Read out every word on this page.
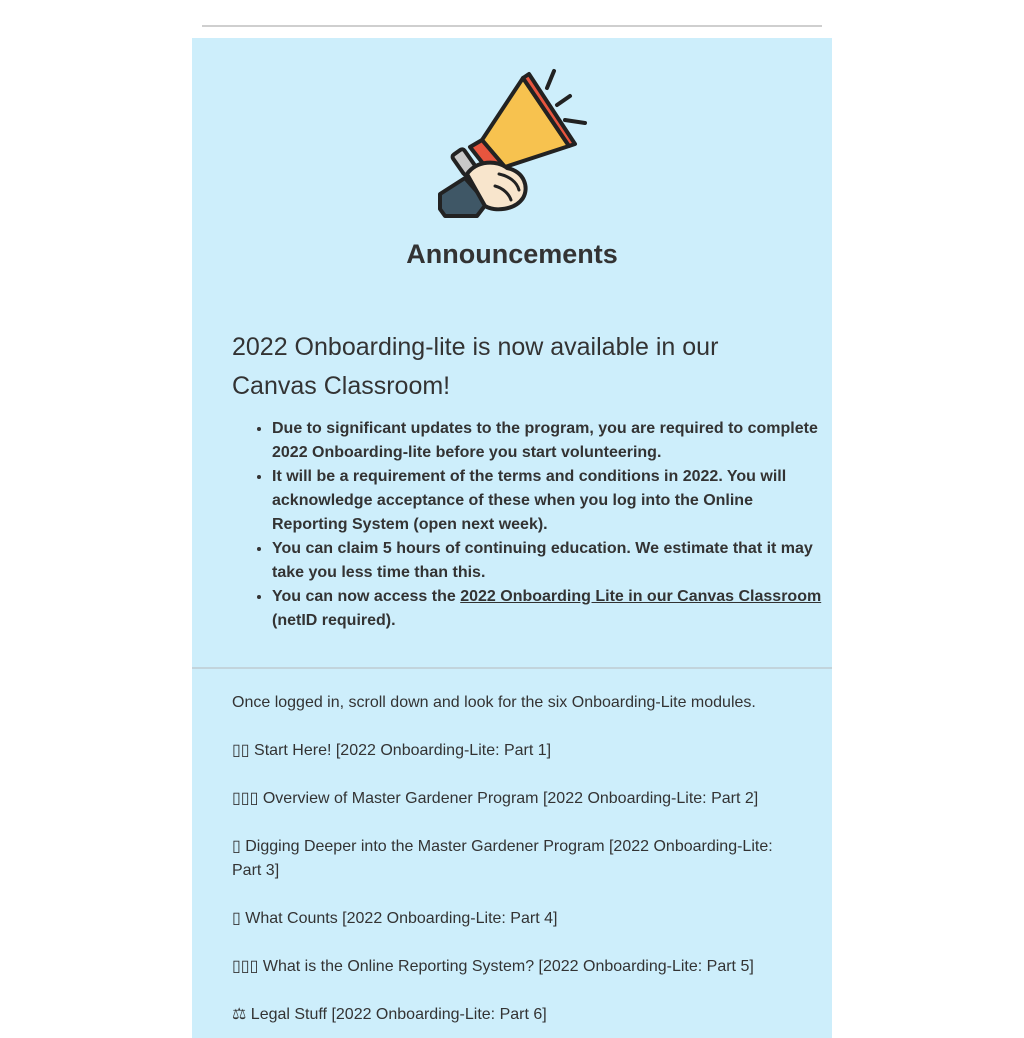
Announcements
2022 Onboarding-lite is now available in our Canvas Classroom!
• Due to significant updates to the program, you are required to complete 2022 Onboarding-lite before you start volunteering.
• It will be a requirement of the terms and conditions in 2022. You will acknowledge acceptance of these when you log into the Online Reporting System (open next week).
• You can claim 5 hours of continuing education. We estimate that it may take you less time than this.
• You can now access the 2022 Onboarding Lite in our Canvas Classroom (netID required).

Once logged in, scroll down and look for the six Onboarding-Lite modules.

▯▯ Start Here! [2022 Onboarding-Lite: Part 1]

▯▯▯ Overview of Master Gardener Program [2022 Onboarding-Lite: Part 2]

▯ Digging Deeper into the Master Gardener Program [2022 Onboarding-Lite: Part 3]

▯ What Counts [2022 Onboarding-Lite: Part 4]

▯▯▯ What is the Online Reporting System? [2022 Onboarding-Lite: Part 5]

⚖ Legal Stuff [2022 Onboarding-Lite: Part 6]
